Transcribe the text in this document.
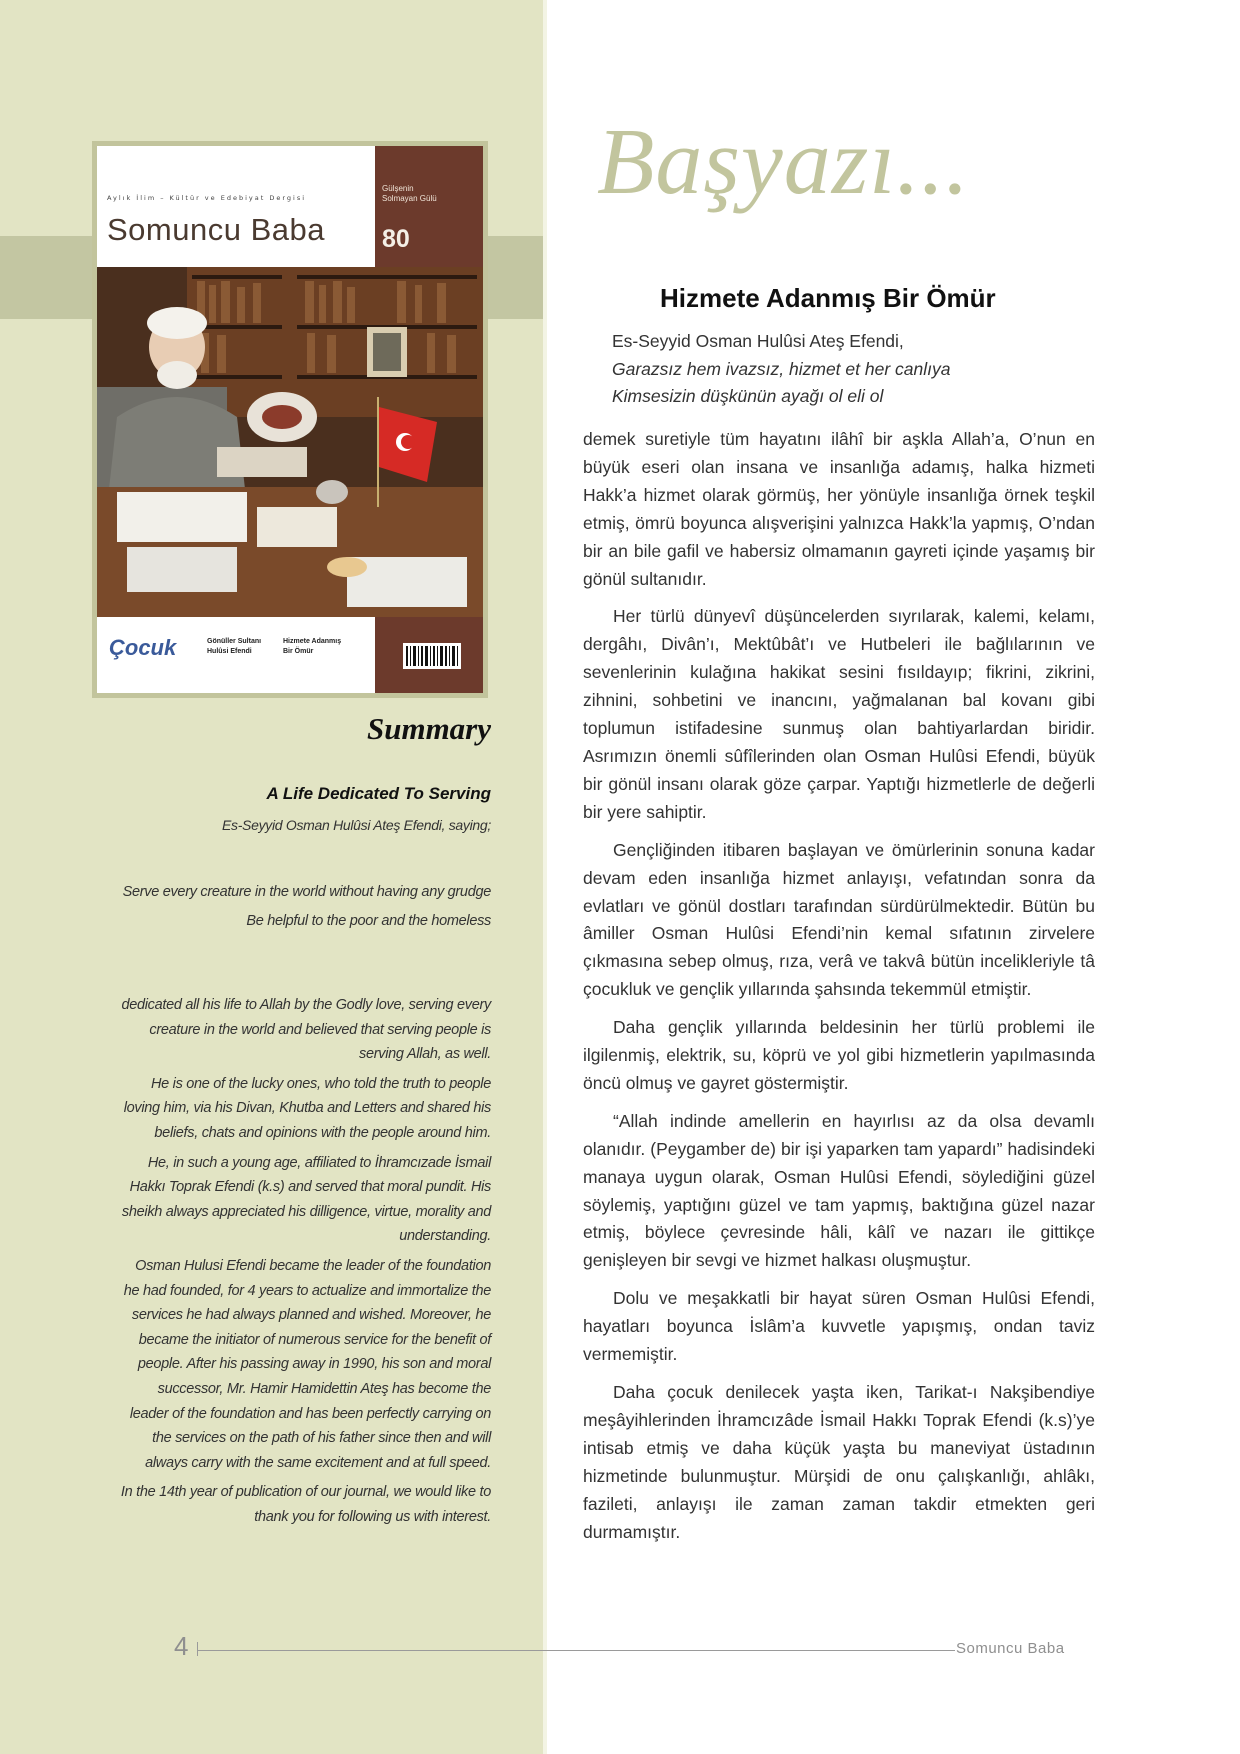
Aylık İlim – Kültür ve Edebiyat Dergisi
Somuncu Baba
Gülşenin Solmayan Gülü
80
Çocuk	Gönüller Sultanı
Hulûsi Efendi
Hizmete Adanmış
Bir Ömür
Summary
A Life Dedicated To Serving
Es-Seyyid Osman Hulûsi Ateş Efendi, saying;

Serve every creature in the world without having any grudge

Be helpful to the poor and the homeless

dedicated all his life to Allah by the Godly love, serving every creature in the world and believed that serving people is serving Allah, as well.

He is one of the lucky ones, who told the truth to people loving him, via his Divan, Khutba and Letters and shared his beliefs, chats and opinions with the people around him.

He, in such a young age, affiliated to İhramcızade İsmail Hakkı Toprak Efendi (k.s) and served that moral pundit. His sheikh always appreciated his dilligence, virtue, morality and understanding.

Osman Hulusi Efendi became the leader of the foundation he had founded, for 4 years to actualize and immortalize the services he had always planned and wished. Moreover, he became the initiator of numerous service for the benefit of people. After his passing away in 1990, his son and moral successor, Mr. Hamir Hamidettin Ateş has become the leader of the foundation and has been perfectly carrying on the services on the path of his father since then and will always carry with the same excitement and at full speed.

In the 14th year of publication of our journal, we would like to thank you for following us with interest.

Başyazı...
Hizmete Adanmış Bir Ömür
Es-Seyyid Osman Hulûsi Ateş Efendi,
Garazsız hem ivazsız, hizmet et her canlıya
Kimsesizin düşkünün ayağı ol eli ol

demek suretiyle tüm hayatını ilâhî bir aşkla Allah’a, O’nun en büyük eseri olan insana ve insanlığa adamış, halka hizmeti Hakk’a hizmet olarak görmüş, her yönüyle insanlığa örnek teşkil etmiş, ömrü boyunca alışverişini yalnızca Hakk’la yapmış, O’ndan bir an bile gafil ve habersiz olmamanın gayreti içinde yaşamış bir gönül sultanıdır.

Her türlü dünyevî düşüncelerden sıyrılarak, kalemi, kelamı, dergâhı, Divân’ı, Mektûbât’ı ve Hutbeleri ile bağlılarının ve sevenlerinin kulağına hakikat sesini fısıldayıp; fikrini, zikrini, zihnini, sohbetini ve inancını, yağmalanan bal kovanı gibi toplumun istifadesine sunmuş olan bahtiyarlardan biridir. Asrımızın önemli sûfîlerinden olan Osman Hulûsi Efendi, büyük bir gönül insanı olarak göze çarpar. Yaptığı hizmetlerle de değerli bir yere sahiptir.

Gençliğinden itibaren başlayan ve ömürlerinin sonuna kadar devam eden insanlığa hizmet anlayışı, vefatından sonra da evlatları ve gönül dostları tarafından sürdürülmektedir. Bütün bu âmiller Osman Hulûsi Efendi’nin kemal sıfatının zirvelere çıkmasına sebep olmuş, rıza, verâ ve takvâ bütün incelikleriyle tâ çocukluk ve gençlik yıllarında şahsında tekemmül etmiştir.

Daha gençlik yıllarında beldesinin her türlü problemi ile ilgilenmiş, elektrik, su, köprü ve yol gibi hizmetlerin yapılmasında öncü olmuş ve gayret göstermiştir.

“Allah indinde amellerin en hayırlısı az da olsa devamlı olanıdır. (Peygamber de) bir işi yaparken tam yapardı” hadisindeki manaya uygun olarak, Osman Hulûsi Efendi, söylediğini güzel söylemiş, yaptığını güzel ve tam yapmış, baktığına güzel nazar etmiş, böylece çevresinde hâli, kâlî ve nazarı ile gittikçe genişleyen bir sevgi ve hizmet halkası oluşmuştur.

Dolu ve meşakkatli bir hayat süren Osman Hulûsi Efendi, hayatları boyunca İslâm’a kuvvetle yapışmış, ondan taviz vermemiştir.

Daha çocuk denilecek yaşta iken, Tarikat-ı Nakşibendiye meşâyihlerinden İhramcızâde İsmail Hakkı Toprak Efendi (k.s)’ye intisab etmiş ve daha küçük yaşta bu maneviyat üstadının hizmetinde bulunmuştur. Mürşidi de onu çalışkanlığı, ahlâkı, fazileti, anlayışı ile zaman zaman takdir etmekten geri durmamıştır.

4	Somuncu Baba
